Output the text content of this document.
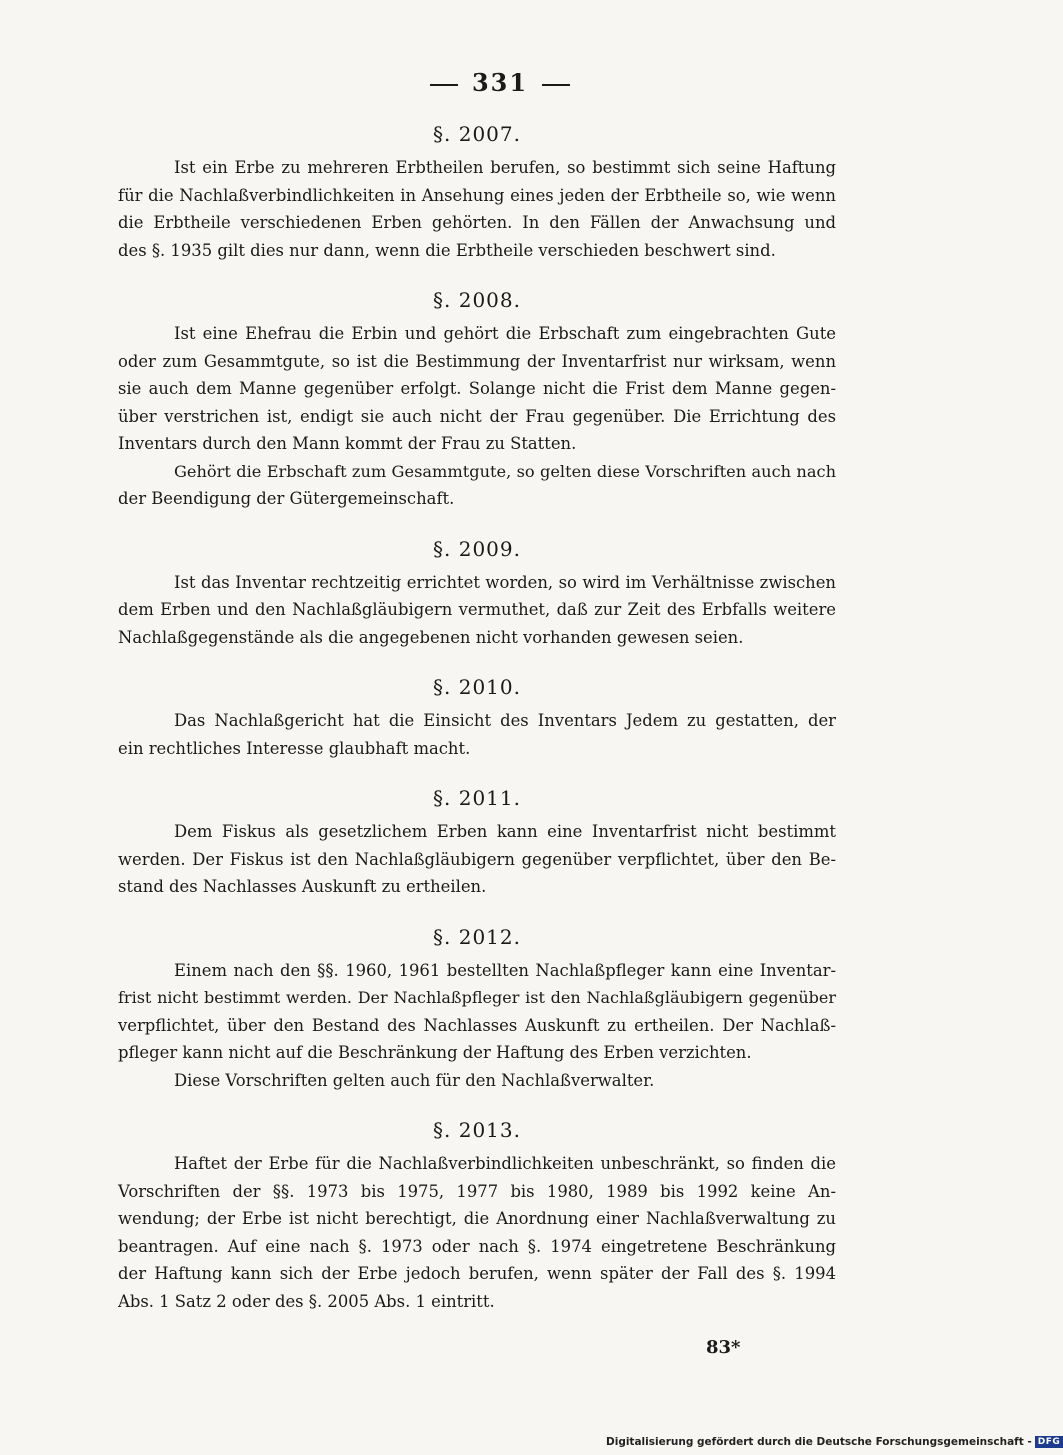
331
§. 2007.
Ist ein Erbe zu mehreren Erbtheilen berufen, so bestimmt sich seine Haftung
für die Nachlaßverbindlichkeiten in Ansehung eines jeden der Erbtheile so, wie wenn
die Erbtheile verschiedenen Erben gehörten. In den Fällen der Anwachsung und
des §. 1935 gilt dies nur dann, wenn die Erbtheile verschieden beschwert sind.
§. 2008.
Ist eine Ehefrau die Erbin und gehört die Erbschaft zum eingebrachten Gute
oder zum Gesammtgute, so ist die Bestimmung der Inventarfrist nur wirksam, wenn
sie auch dem Manne gegenüber erfolgt. Solange nicht die Frist dem Manne gegen-
über verstrichen ist, endigt sie auch nicht der Frau gegenüber. Die Errichtung des
Inventars durch den Mann kommt der Frau zu Statten.
Gehört die Erbschaft zum Gesammtgute, so gelten diese Vorschriften auch nach
der Beendigung der Gütergemeinschaft.
§. 2009.
Ist das Inventar rechtzeitig errichtet worden, so wird im Verhältnisse zwischen
dem Erben und den Nachlaßgläubigern vermuthet, daß zur Zeit des Erbfalls weitere
Nachlaßgegenstände als die angegebenen nicht vorhanden gewesen seien.
§. 2010.
Das Nachlaßgericht hat die Einsicht des Inventars Jedem zu gestatten, der
ein rechtliches Interesse glaubhaft macht.
§. 2011.
Dem Fiskus als gesetzlichem Erben kann eine Inventarfrist nicht bestimmt
werden. Der Fiskus ist den Nachlaßgläubigern gegenüber verpflichtet, über den Be-
stand des Nachlasses Auskunft zu ertheilen.
§. 2012.
Einem nach den §§. 1960, 1961 bestellten Nachlaßpfleger kann eine Inventar-
frist nicht bestimmt werden. Der Nachlaßpfleger ist den Nachlaßgläubigern gegenüber
verpflichtet, über den Bestand des Nachlasses Auskunft zu ertheilen. Der Nachlaß-
pfleger kann nicht auf die Beschränkung der Haftung des Erben verzichten.
Diese Vorschriften gelten auch für den Nachlaßverwalter.
§. 2013.
Haftet der Erbe für die Nachlaßverbindlichkeiten unbeschränkt, so finden die
Vorschriften der §§. 1973 bis 1975, 1977 bis 1980, 1989 bis 1992 keine An-
wendung; der Erbe ist nicht berechtigt, die Anordnung einer Nachlaßverwaltung zu
beantragen. Auf eine nach §. 1973 oder nach §. 1974 eingetretene Beschränkung
der Haftung kann sich der Erbe jedoch berufen, wenn später der Fall des §. 1994
Abs. 1 Satz 2 oder des §. 2005 Abs. 1 eintritt.
83*
Digitalisierung gefördert durch die Deutsche Forschungsgemeinschaft - DFG
